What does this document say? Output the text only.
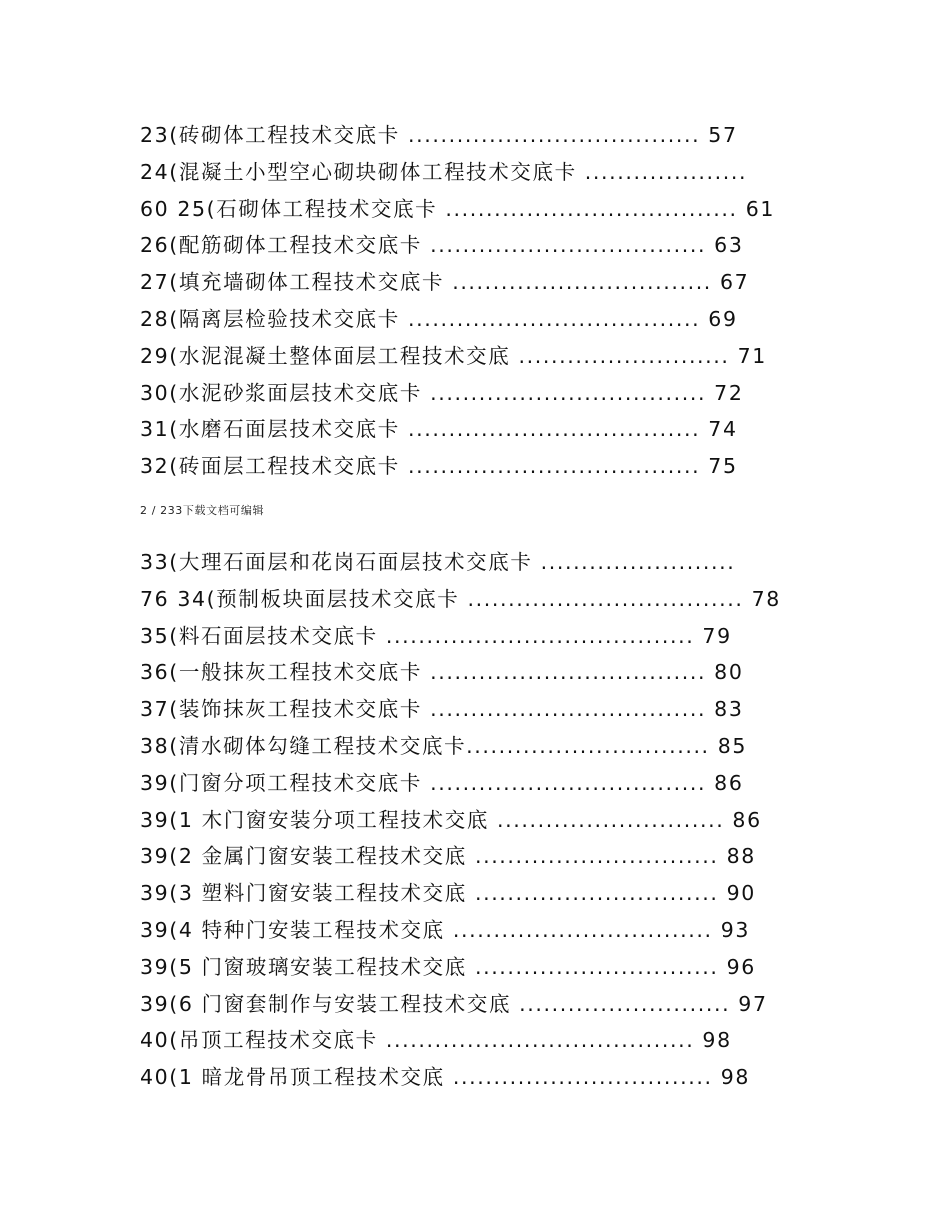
23(砖砌体工程技术交底卡 .................................... 57
24(混凝土小型空心砌块砌体工程技术交底卡 ....................
60 25(石砌体工程技术交底卡 .................................... 61
26(配筋砌体工程技术交底卡 .................................. 63
27(填充墙砌体工程技术交底卡 ................................ 67
28(隔离层检验技术交底卡 .................................... 69
29(水泥混凝土整体面层工程技术交底 .......................... 71
30(水泥砂浆面层技术交底卡 .................................. 72
31(水磨石面层技术交底卡 .................................... 74
32(砖面层工程技术交底卡 .................................... 75
2 / 233下载文档可编辑
33(大理石面层和花岗石面层技术交底卡 ........................
76 34(预制板块面层技术交底卡 .................................. 78
35(料石面层技术交底卡 ...................................... 79
36(一般抹灰工程技术交底卡 .................................. 80
37(装饰抹灰工程技术交底卡 .................................. 83
38(清水砌体勾缝工程技术交底卡.............................. 85
39(门窗分项工程技术交底卡 .................................. 86
39(1 木门窗安装分项工程技术交底 ............................ 86
39(2 金属门窗安装工程技术交底 .............................. 88
39(3 塑料门窗安装工程技术交底 .............................. 90
39(4 特种门安装工程技术交底 ................................ 93
39(5 门窗玻璃安装工程技术交底 .............................. 96
39(6 门窗套制作与安装工程技术交底 .......................... 97
40(吊顶工程技术交底卡 ...................................... 98
40(1 暗龙骨吊顶工程技术交底 ................................ 98
